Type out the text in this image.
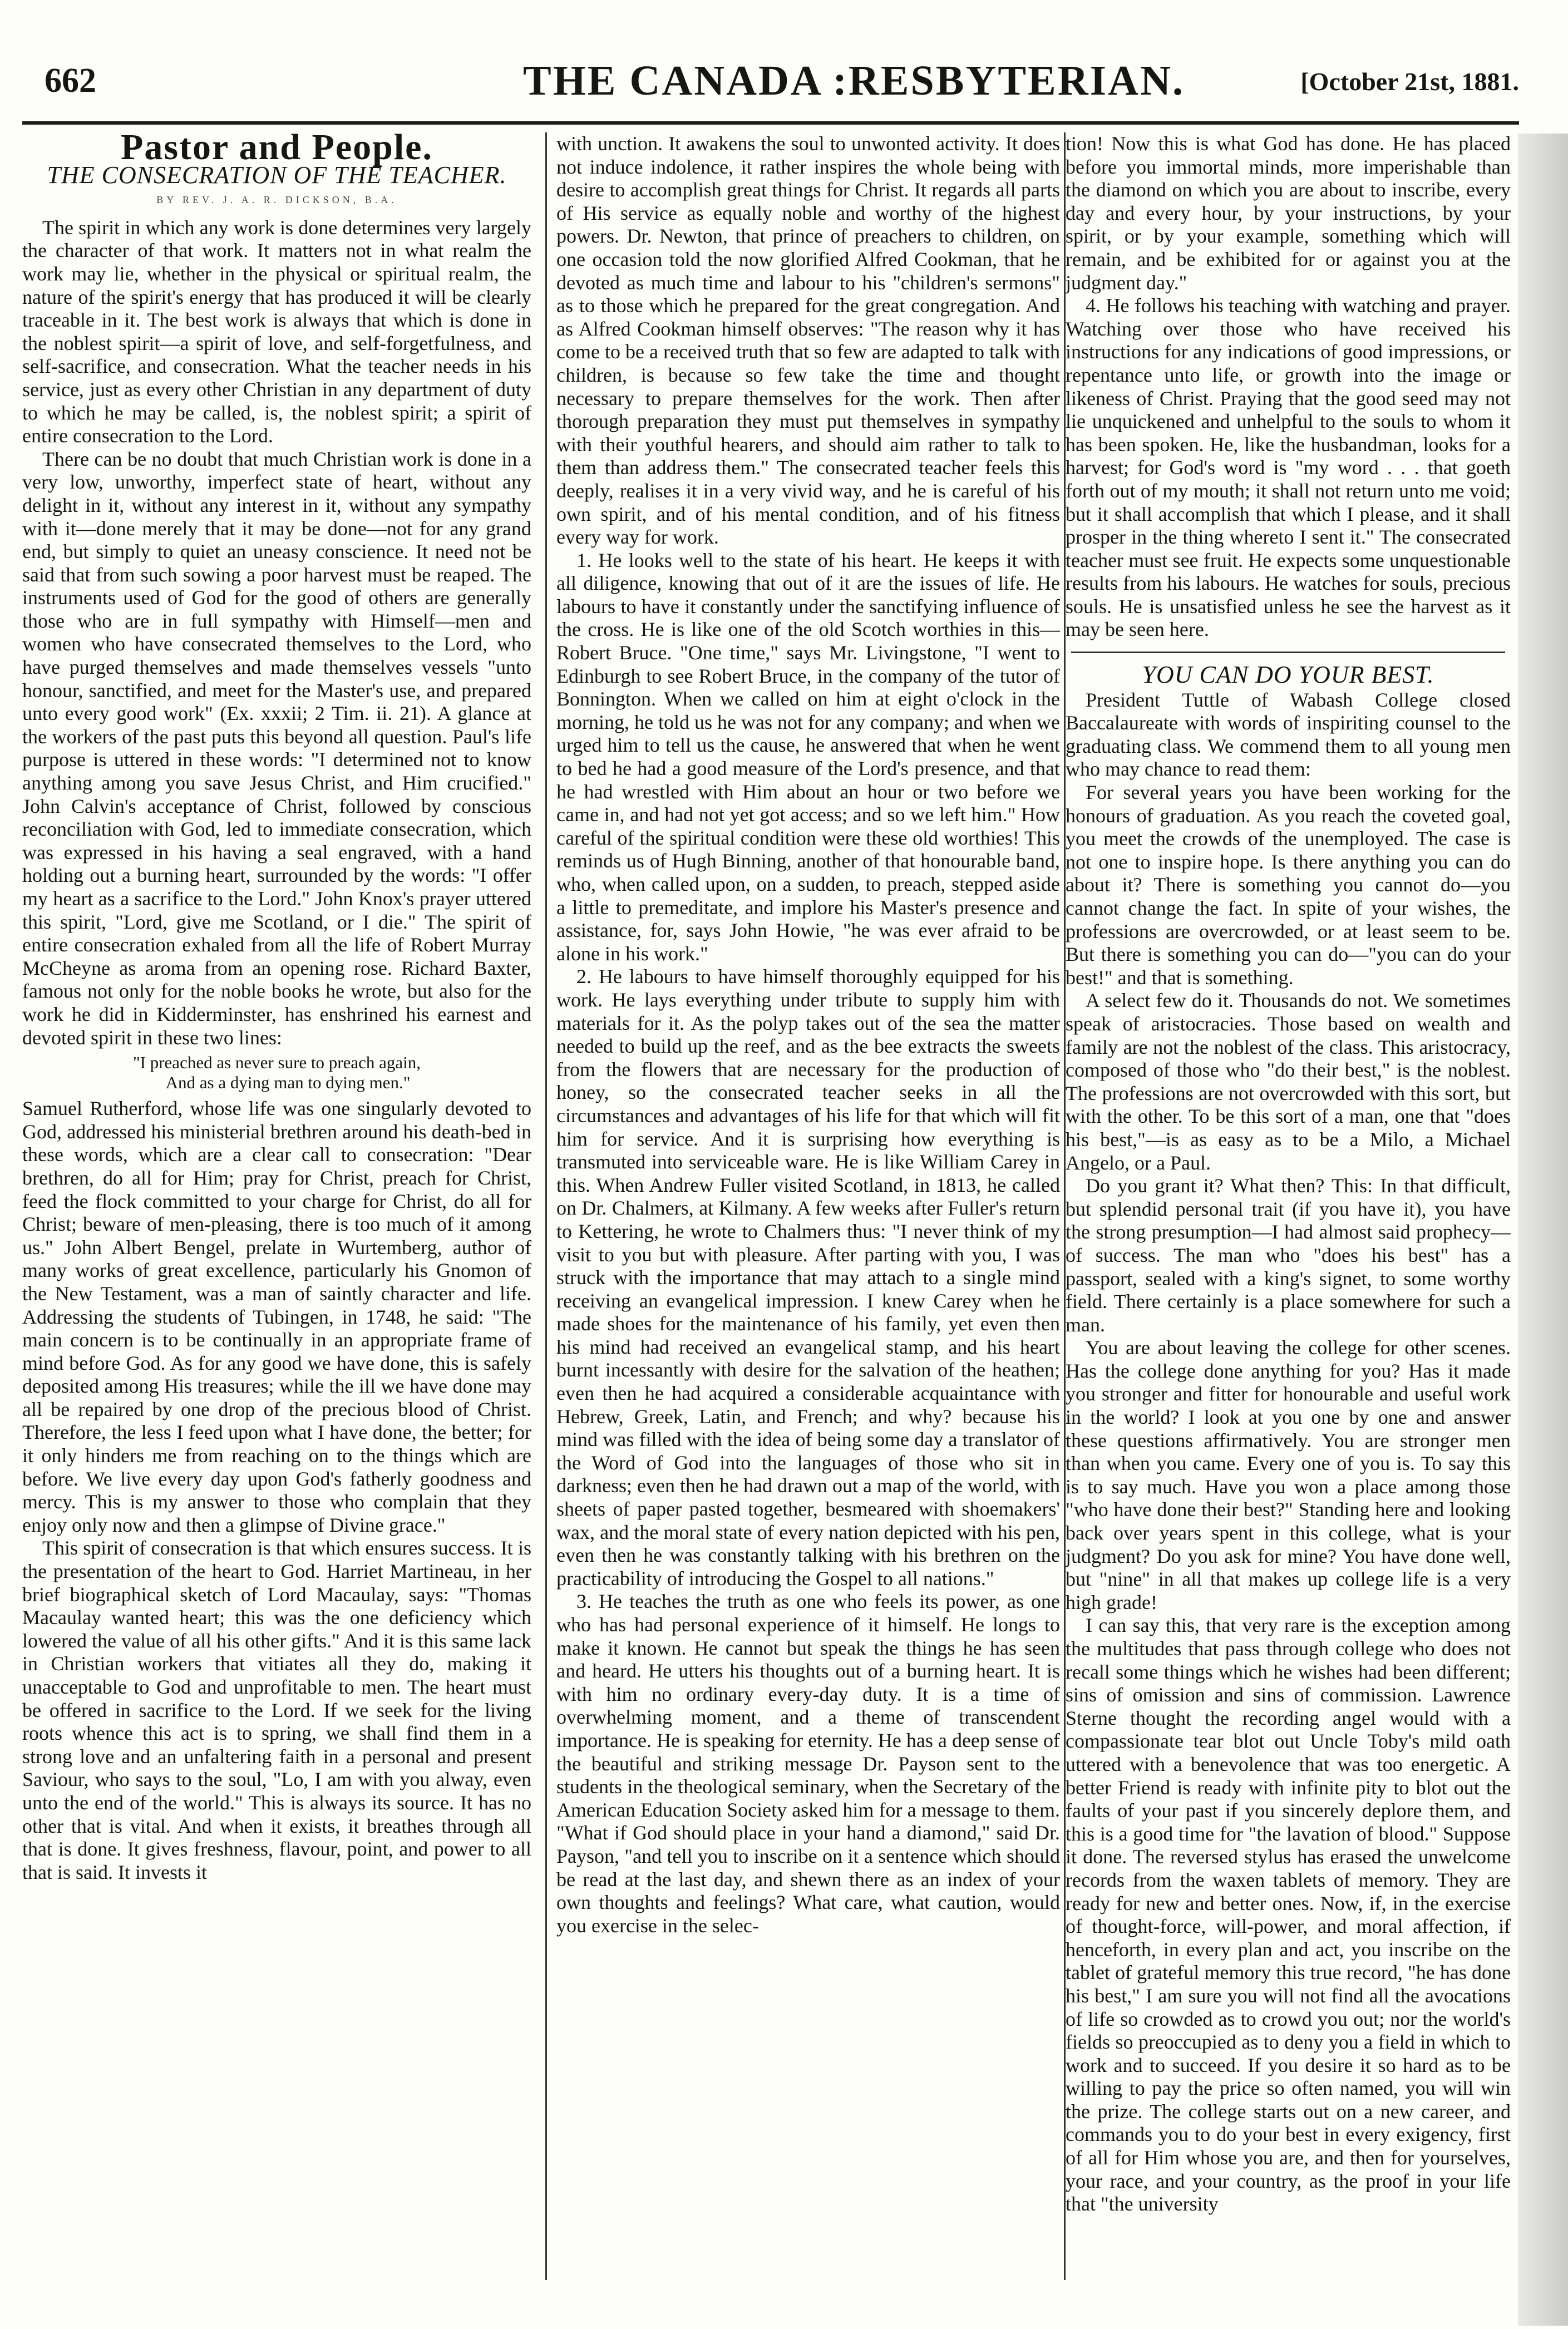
662	THE CANADA :RESBYTERIAN.	[October 21st, 1881.
Pastor and People.
THE CONSECRATION OF THE TEACHER.
BY REV. J. A. R. DICKSON, B.A.

The spirit in which any work is done determines very largely the character of that work. It matters not in what realm the work may lie, whether in the physical or spiritual realm, the nature of the spirit's energy that has produced it will be clearly traceable in it. The best work is always that which is done in the noblest spirit—a spirit of love, and self-forgetfulness, and self-sacrifice, and consecration. What the teacher needs in his service, just as every other Christian in any department of duty to which he may be called, is, the noblest spirit; a spirit of entire consecration to the Lord.

There can be no doubt that much Christian work is done in a very low, unworthy, imperfect state of heart, without any delight in it, without any interest in it, without any sympathy with it—done merely that it may be done—not for any grand end, but simply to quiet an uneasy conscience. It need not be said that from such sowing a poor harvest must be reaped. The instruments used of God for the good of others are generally those who are in full sympathy with Himself—men and women who have consecrated themselves to the Lord, who have purged themselves and made themselves vessels "unto honour, sanctified, and meet for the Master's use, and prepared unto every good work" (Ex. xxxii; 2 Tim. ii. 21). A glance at the workers of the past puts this beyond all question. Paul's life purpose is uttered in these words: "I determined not to know anything among you save Jesus Christ, and Him crucified." John Calvin's acceptance of Christ, followed by conscious reconciliation with God, led to immediate consecration, which was expressed in his having a seal engraved, with a hand holding out a burning heart, surrounded by the words: "I offer my heart as a sacrifice to the Lord." John Knox's prayer uttered this spirit, "Lord, give me Scotland, or I die." The spirit of entire consecration exhaled from all the life of Robert Murray McCheyne as aroma from an opening rose. Richard Baxter, famous not only for the noble books he wrote, but also for the work he did in Kidderminster, has enshrined his earnest and devoted spirit in these two lines:

"I preached as never sure to preach again,
And as a dying man to dying men."

Samuel Rutherford, whose life was one singularly devoted to God, addressed his ministerial brethren around his death-bed in these words, which are a clear call to consecration: "Dear brethren, do all for Him; pray for Christ, preach for Christ, feed the flock committed to your charge for Christ, do all for Christ; beware of men-pleasing, there is too much of it among us." John Albert Bengel, prelate in Wurtemberg, author of many works of great excellence, particularly his Gnomon of the New Testament, was a man of saintly character and life. Addressing the students of Tubingen, in 1748, he said: "The main concern is to be continually in an appropriate frame of mind before God. As for any good we have done, this is safely deposited among His treasures; while the ill we have done may all be repaired by one drop of the precious blood of Christ. Therefore, the less I feed upon what I have done, the better; for it only hinders me from reaching on to the things which are before. We live every day upon God's fatherly goodness and mercy. This is my answer to those who complain that they enjoy only now and then a glimpse of Divine grace."

This spirit of consecration is that which ensures success. It is the presentation of the heart to God. Harriet Martineau, in her brief biographical sketch of Lord Macaulay, says: "Thomas Macaulay wanted heart; this was the one deficiency which lowered the value of all his other gifts." And it is this same lack in Christian workers that vitiates all they do, making it unacceptable to God and unprofitable to men. The heart must be offered in sacrifice to the Lord. If we seek for the living roots whence this act is to spring, we shall find them in a strong love and an unfaltering faith in a personal and present Saviour, who says to the soul, "Lo, I am with you alway, even unto the end of the world." This is always its source. It has no other that is vital. And when it exists, it breathes through all that is done. It gives freshness, flavour, point, and power to all that is said. It invests it

with unction. It awakens the soul to unwonted activity. It does not induce indolence, it rather inspires the whole being with desire to accomplish great things for Christ. It regards all parts of His service as equally noble and worthy of the highest powers. Dr. Newton, that prince of preachers to children, on one occasion told the now glorified Alfred Cookman, that he devoted as much time and labour to his "children's sermons" as to those which he prepared for the great congregation. And as Alfred Cookman himself observes: "The reason why it has come to be a received truth that so few are adapted to talk with children, is because so few take the time and thought necessary to prepare themselves for the work. Then after thorough preparation they must put themselves in sympathy with their youthful hearers, and should aim rather to talk to them than address them." The consecrated teacher feels this deeply, realises it in a very vivid way, and he is careful of his own spirit, and of his mental condition, and of his fitness every way for work.

1. He looks well to the state of his heart. He keeps it with all diligence, knowing that out of it are the issues of life. He labours to have it constantly under the sanctifying influence of the cross. He is like one of the old Scotch worthies in this—Robert Bruce. "One time," says Mr. Livingstone, "I went to Edinburgh to see Robert Bruce, in the company of the tutor of Bonnington. When we called on him at eight o'clock in the morning, he told us he was not for any company; and when we urged him to tell us the cause, he answered that when he went to bed he had a good measure of the Lord's presence, and that he had wrestled with Him about an hour or two before we came in, and had not yet got access; and so we left him." How careful of the spiritual condition were these old worthies! This reminds us of Hugh Binning, another of that honourable band, who, when called upon, on a sudden, to preach, stepped aside a little to premeditate, and implore his Master's presence and assistance, for, says John Howie, "he was ever afraid to be alone in his work."

2. He labours to have himself thoroughly equipped for his work. He lays everything under tribute to supply him with materials for it. As the polyp takes out of the sea the matter needed to build up the reef, and as the bee extracts the sweets from the flowers that are necessary for the production of honey, so the consecrated teacher seeks in all the circumstances and advantages of his life for that which will fit him for service. And it is surprising how everything is transmuted into serviceable ware. He is like William Carey in this. When Andrew Fuller visited Scotland, in 1813, he called on Dr. Chalmers, at Kilmany. A few weeks after Fuller's return to Kettering, he wrote to Chalmers thus: "I never think of my visit to you but with pleasure. After parting with you, I was struck with the importance that may attach to a single mind receiving an evangelical impression. I knew Carey when he made shoes for the maintenance of his family, yet even then his mind had received an evangelical stamp, and his heart burnt incessantly with desire for the salvation of the heathen; even then he had acquired a considerable acquaintance with Hebrew, Greek, Latin, and French; and why? because his mind was filled with the idea of being some day a translator of the Word of God into the languages of those who sit in darkness; even then he had drawn out a map of the world, with sheets of paper pasted together, besmeared with shoemakers' wax, and the moral state of every nation depicted with his pen, even then he was constantly talking with his brethren on the practicability of introducing the Gospel to all nations."

3. He teaches the truth as one who feels its power, as one who has had personal experience of it himself. He longs to make it known. He cannot but speak the things he has seen and heard. He utters his thoughts out of a burning heart. It is with him no ordinary every-day duty. It is a time of overwhelming moment, and a theme of transcendent importance. He is speaking for eternity. He has a deep sense of the beautiful and striking message Dr. Payson sent to the students in the theological seminary, when the Secretary of the American Education Society asked him for a message to them. "What if God should place in your hand a diamond," said Dr. Payson, "and tell you to inscribe on it a sentence which should be read at the last day, and shewn there as an index of your own thoughts and feelings? What care, what caution, would you exercise in the selec-

tion! Now this is what God has done. He has placed before you immortal minds, more imperishable than the diamond on which you are about to inscribe, every day and every hour, by your instructions, by your spirit, or by your example, something which will remain, and be exhibited for or against you at the judgment day."

4. He follows his teaching with watching and prayer. Watching over those who have received his instructions for any indications of good impressions, or repentance unto life, or growth into the image or likeness of Christ. Praying that the good seed may not lie unquickened and unhelpful to the souls to whom it has been spoken. He, like the husbandman, looks for a harvest; for God's word is "my word . . . that goeth forth out of my mouth; it shall not return unto me void; but it shall accomplish that which I please, and it shall prosper in the thing whereto I sent it." The consecrated teacher must see fruit. He expects some unquestionable results from his labours. He watches for souls, precious souls. He is unsatisfied unless he see the harvest as it may be seen here.

YOU CAN DO YOUR BEST.

President Tuttle of Wabash College closed Baccalaureate with words of inspiriting counsel to the graduating class. We commend them to all young men who may chance to read them:

For several years you have been working for the honours of graduation. As you reach the coveted goal, you meet the crowds of the unemployed. The case is not one to inspire hope. Is there anything you can do about it? There is something you cannot do—you cannot change the fact. In spite of your wishes, the professions are overcrowded, or at least seem to be. But there is something you can do—"you can do your best!" and that is something.

A select few do it. Thousands do not. We sometimes speak of aristocracies. Those based on wealth and family are not the noblest of the class. This aristocracy, composed of those who "do their best," is the noblest. The professions are not overcrowded with this sort, but with the other. To be this sort of a man, one that "does his best,"—is as easy as to be a Milo, a Michael Angelo, or a Paul.

Do you grant it? What then? This: In that difficult, but splendid personal trait (if you have it), you have the strong presumption—I had almost said prophecy—of success. The man who "does his best" has a passport, sealed with a king's signet, to some worthy field. There certainly is a place somewhere for such a man.

You are about leaving the college for other scenes. Has the college done anything for you? Has it made you stronger and fitter for honourable and useful work in the world? I look at you one by one and answer these questions affirmatively. You are stronger men than when you came. Every one of you is. To say this is to say much. Have you won a place among those "who have done their best?" Standing here and looking back over years spent in this college, what is your judgment? Do you ask for mine? You have done well, but "nine" in all that makes up college life is a very high grade!

I can say this, that very rare is the exception among the multitudes that pass through college who does not recall some things which he wishes had been different; sins of omission and sins of commission. Lawrence Sterne thought the recording angel would with a compassionate tear blot out Uncle Toby's mild oath uttered with a benevolence that was too energetic. A better Friend is ready with infinite pity to blot out the faults of your past if you sincerely deplore them, and this is a good time for "the lavation of blood." Suppose it done. The reversed stylus has erased the unwelcome records from the waxen tablets of memory. They are ready for new and better ones. Now, if, in the exercise of thought-force, will-power, and moral affection, if henceforth, in every plan and act, you inscribe on the tablet of grateful memory this true record, "he has done his best," I am sure you will not find all the avocations of life so crowded as to crowd you out; nor the world's fields so preoccupied as to deny you a field in which to work and to succeed. If you desire it so hard as to be willing to pay the price so often named, you will win the prize. The college starts out on a new career, and commands you to do your best in every exigency, first of all for Him whose you are, and then for yourselves, your race, and your country, as the proof in your life that "the university
